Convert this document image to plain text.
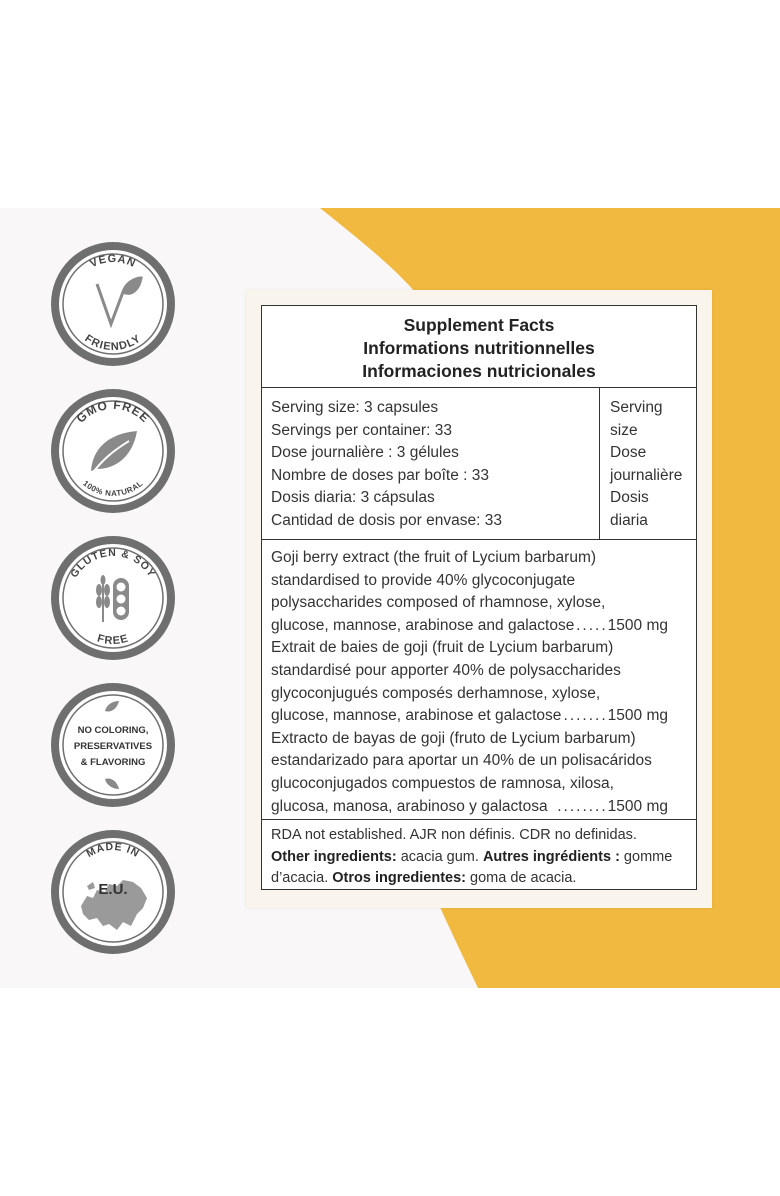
VEGAN
FRIENDLY
GMO FREE
100% NATURAL
GLUTEN & SOY
FREE
NO COLORING,
PRESERVATIVES
& FLAVORING
MADE IN
E.U.
Supplement Facts
Informations nutritionnelles
Informaciones nutricionales
Serving size: 3 capsules
Servings per container: 33
Dose journalière : 3 gélules
Nombre de doses par boîte : 33
Dosis diaria: 3 cápsulas
Cantidad de dosis por envase: 33
Serving
size
Dose
journalière
Dosis
diaria
Goji berry extract (the fruit of Lycium barbarum)
standardised to provide 40% glycoconjugate
polysaccharides composed of rhamnose, xylose,
glucose, mannose, arabinose and galactose .....1500 mg
Extrait de baies de goji (fruit de Lycium barbarum)
standardisé pour apporter 40% de polysaccharides
glycoconjugués composés derhamnose, xylose,
glucose, mannose, arabinose et galactose .......1500 mg
Extracto de bayas de goji (fruto de Lycium barbarum)
estandarizado para aportar un 40% de un polisacáridos
glucoconjugados compuestos de ramnosa, xilosa,
glucosa, manosa, arabinoso y galactosa ........1500 mg
RDA not established. AJR non définis. CDR no definidas.
Other ingredients: acacia gum. Autres ingrédients : gomme d’acacia. Otros ingredientes: goma de acacia.
